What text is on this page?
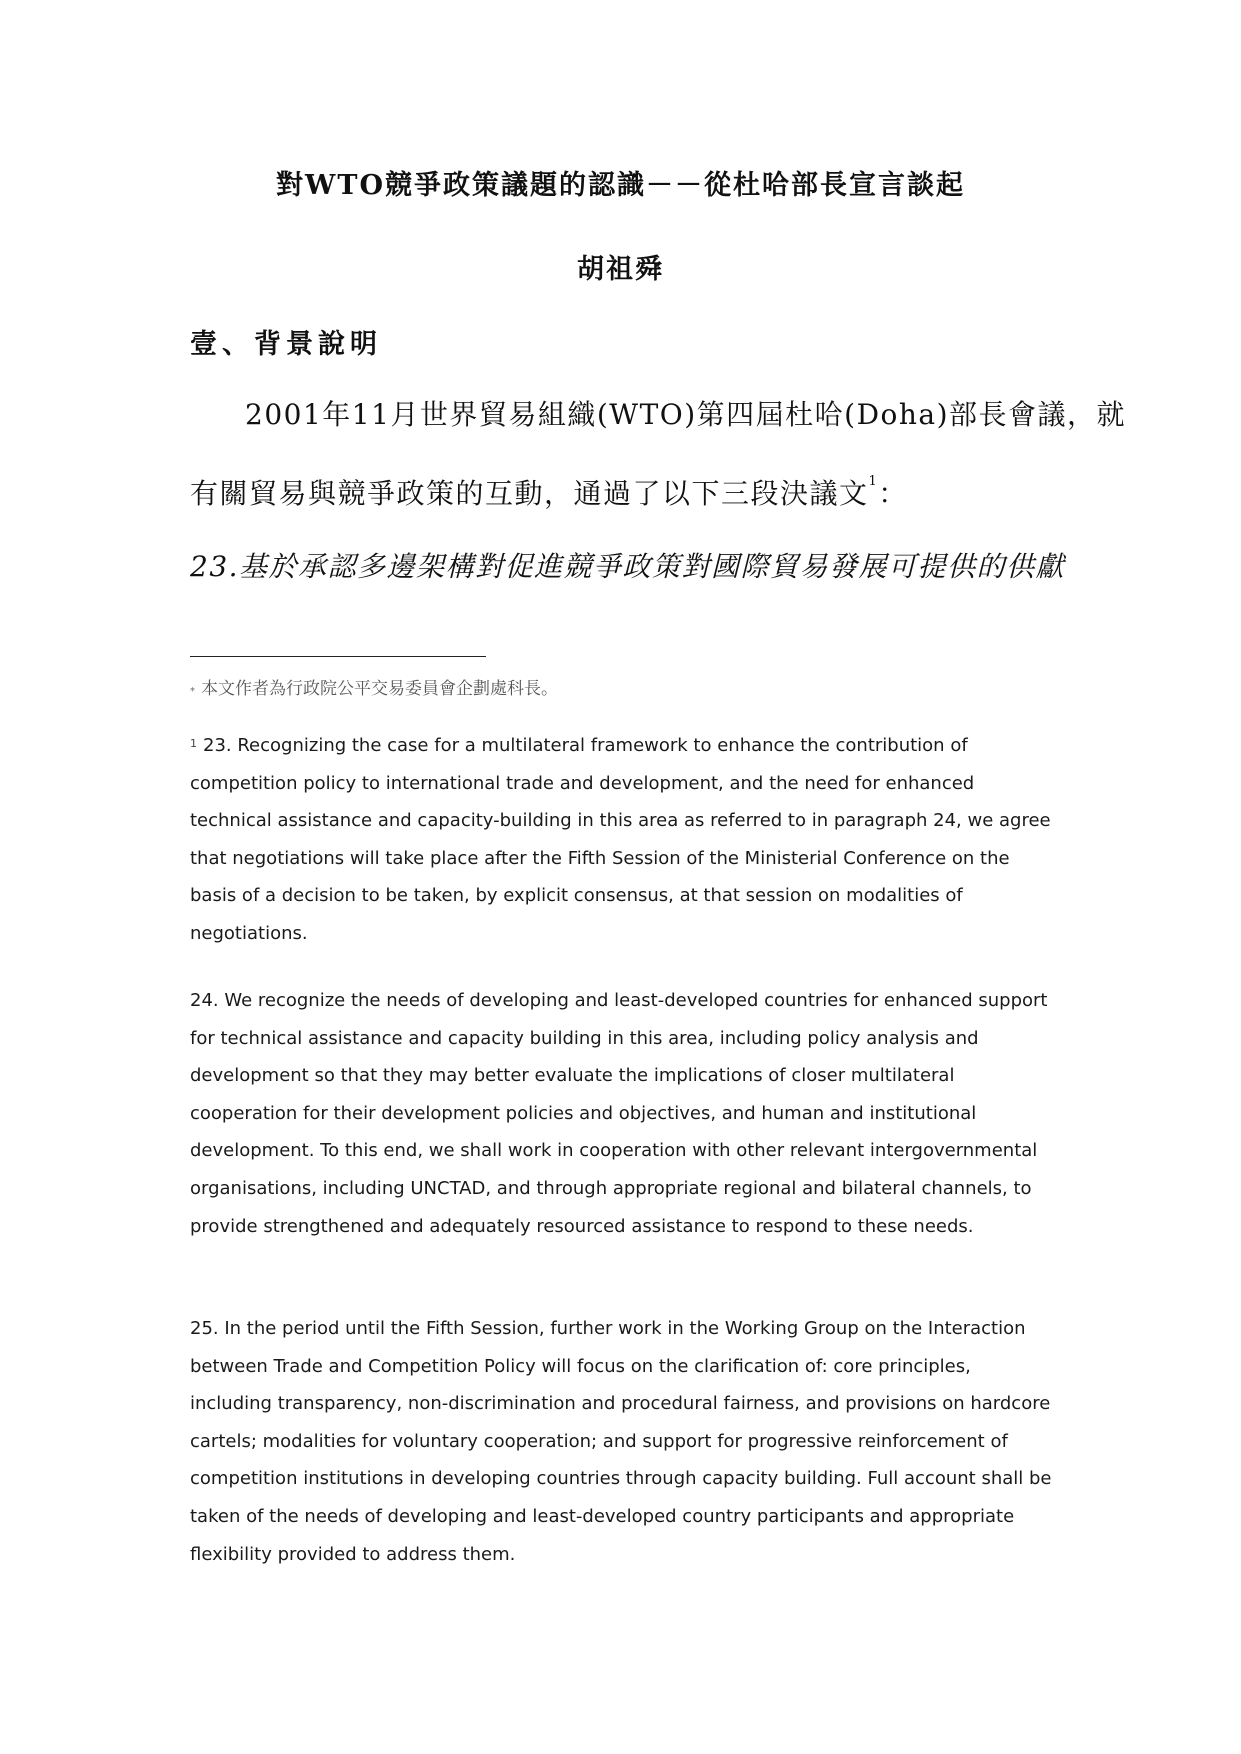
對WTO競爭政策議題的認識－－從杜哈部長宣言談起
胡祖舜
壹、背景說明
2001年11月世界貿易組織(WTO)第四屆杜哈(Doha)部長會議，就
有關貿易與競爭政策的互動，通過了以下三段決議文$^1$：
23.基於承認多邊架構對促進競爭政策對國際貿易發展可提供的供獻
* 本文作者為行政院公平交易委員會企劃處科長。
$^1$ 23. Recognizing the case for a multilateral framework to enhance the contribution of competition policy to international trade and development, and the need for enhanced technical assistance and capacity-building in this area as referred to in paragraph 24, we agree that negotiations will take place after the Fifth Session of the Ministerial Conference on the basis of a decision to be taken, by explicit consensus, at that session on modalities of negotiations.
24. We recognize the needs of developing and least-developed countries for enhanced support for technical assistance and capacity building in this area, including policy analysis and development so that they may better evaluate the implications of closer multilateral cooperation for their development policies and objectives, and human and institutional development. To this end, we shall work in cooperation with other relevant intergovernmental organisations, including UNCTAD, and through appropriate regional and bilateral channels, to provide strengthened and adequately resourced assistance to respond to these needs.
25. In the period until the Fifth Session, further work in the Working Group on the Interaction between Trade and Competition Policy will focus on the clarification of: core principles, including transparency, non-discrimination and procedural fairness, and provisions on hardcore cartels; modalities for voluntary cooperation; and support for progressive reinforcement of competition institutions in developing countries through capacity building. Full account shall be taken of the needs of developing and least-developed country participants and appropriate flexibility provided to address them.
